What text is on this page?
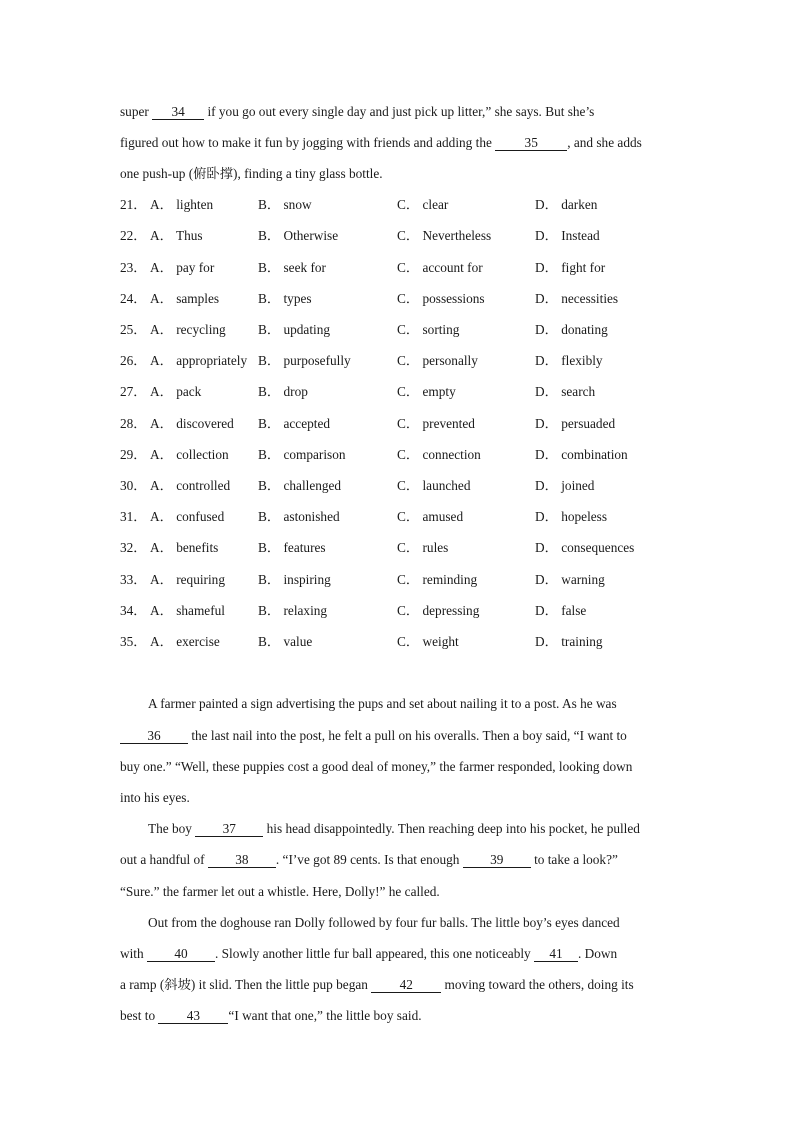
super 34 if you go out every single day and just pick up litter,” she says. But she’s
figured out how to make it fun by jogging with friends and adding the 35 , and she adds
one push-up (俯卧撑), finding a tiny glass bottle.
21． A． lighten	B． snow	C． clear	D． darken
22． A． Thus	B． Otherwise	C． Nevertheless	D． Instead
23． A． pay for	B． seek for	C． account for	D． fight for
24． A． samples	B． types	C． possessions	D． necessities
25． A． recycling B． updating	C． sorting	D． donating
26． A． appropriately B． purposefully	C． personally	D． flexibly
27． A． pack	B． drop	C． empty	D． search
28． A． discovered B． accepted	C． prevented	D． persuaded
29． A． collection B． comparison	C． connection	D． combination
30． A． controlled B． challenged	C． launched	D． joined
31． A． confused	B． astonished	C． amused	D． hopeless
32． A． benefits	B． features	C． rules	D． consequences
33． A． requiring B． inspiring	C． reminding	D． warning
34． A． shameful B． relaxing	C． depressing	D． false
35． A． exercise	B． value	C． weight	D． training
A farmer painted a sign advertising the pups and set about nailing it to a post. As he was
36 the last nail into the post, he felt a pull on his overalls. Then a boy said, “I want to
buy one.” “Well, these puppies cost a good deal of money,” the farmer responded, looking down
into his eyes.
The boy 37 his head disappointedly. Then reaching deep into his pocket, he pulled
out a handful of 38 . “I’ve got 89 cents. Is that enough 39 to take a look?”
“Sure.” the farmer let out a whistle. Here, Dolly!” he called.
Out from the doghouse ran Dolly followed by four fur balls. The little boy’s eyes danced
with 40 . Slowly another little fur ball appeared, this one noticeably 41 . Down
a ramp (斜坡) it slid. Then the little pup began 42 moving toward the others, doing its
best to 43 “I want that one,” the little boy said.
